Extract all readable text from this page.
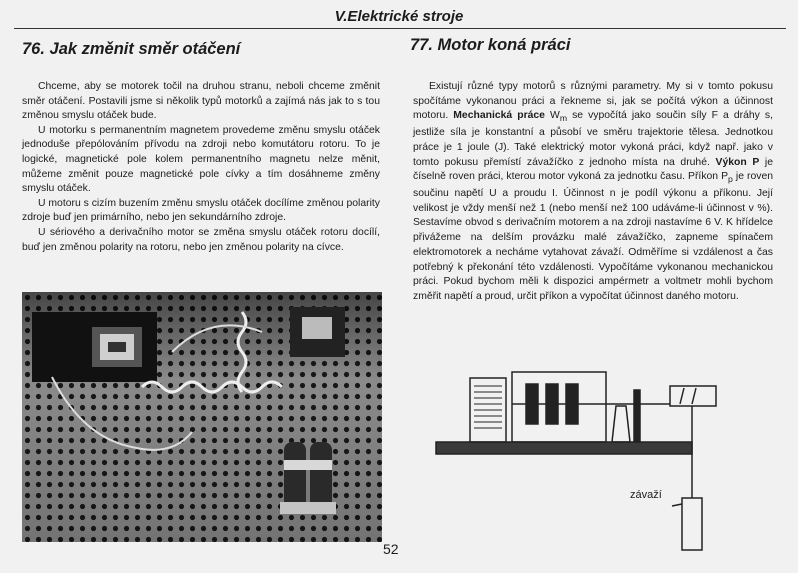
V.Elektrické stroje
76. Jak změnit směr otáčení	77. Motor koná práci

Chceme, aby se motorek točil na druhou stranu, neboli chceme změnit směr otáčení. Postavili jsme si několik typů motorků a zajímá nás jak to s tou změnou smyslu otáček bude.

U motorku s permanentním magnetem provedeme změnu smyslu otáček jednoduše přepólováním přívodu na zdroji nebo komutátoru rotoru. To je logické, magnetické pole kolem permanentního magnetu nelze měnit, můžeme změnit pouze magnetické pole cívky a tím dosáhneme změny smyslu otáček.

U motoru s cizím buzením změnu smyslu otáček docílíme změnou polarity zdroje buď jen primárního, nebo jen sekundárního zdroje.

U sériového a derivačního motor se změna smyslu otáček rotoru docílí, buď jen změnou polarity na rotoru, nebo jen změnou polarity na cívce.

Existují různé typy motorů s různými parametry. My si v tomto pokusu spočítáme vykonanou práci a řekneme si, jak se počítá výkon a účinnost motoru. Mechanická práce $W_m$ se vypočítá jako součin síly F a dráhy s, jestliže síla je konstantní a působí ve směru trajektorie tělesa. Jednotkou práce je 1 joule (J). Také elektrický motor vykoná práci, když např. jako v tomto pokusu přemístí závažíčko z jednoho místa na druhé. Výkon P je číselně roven práci, kterou motor vykoná za jednotku času. Příkon $P_p$ je roven součinu napětí U a proudu I. Účinnost n je podíl výkonu a příkonu. Její velikost je vždy menší než 1 (nebo menší než 100 udáváme-li účinnost v %). Sestavíme obvod s derivačním motorem a na zdroji nastavíme 6 V. K hřídelce přivážeme na delším provázku malé závažíčko, zapneme spínačem elektromotorek a necháme vytahovat závaží. Odměříme si vzdálenost a čas potřebný k překonání této vzdálenosti. Vypočítáme vykonanou mechanickou práci. Pokud bychom měli k dispozici ampérmetr a voltmetr mohli bychom změřit napětí a proud, určit příkon a vypočítat účinnost daného motoru.

závaží
52
